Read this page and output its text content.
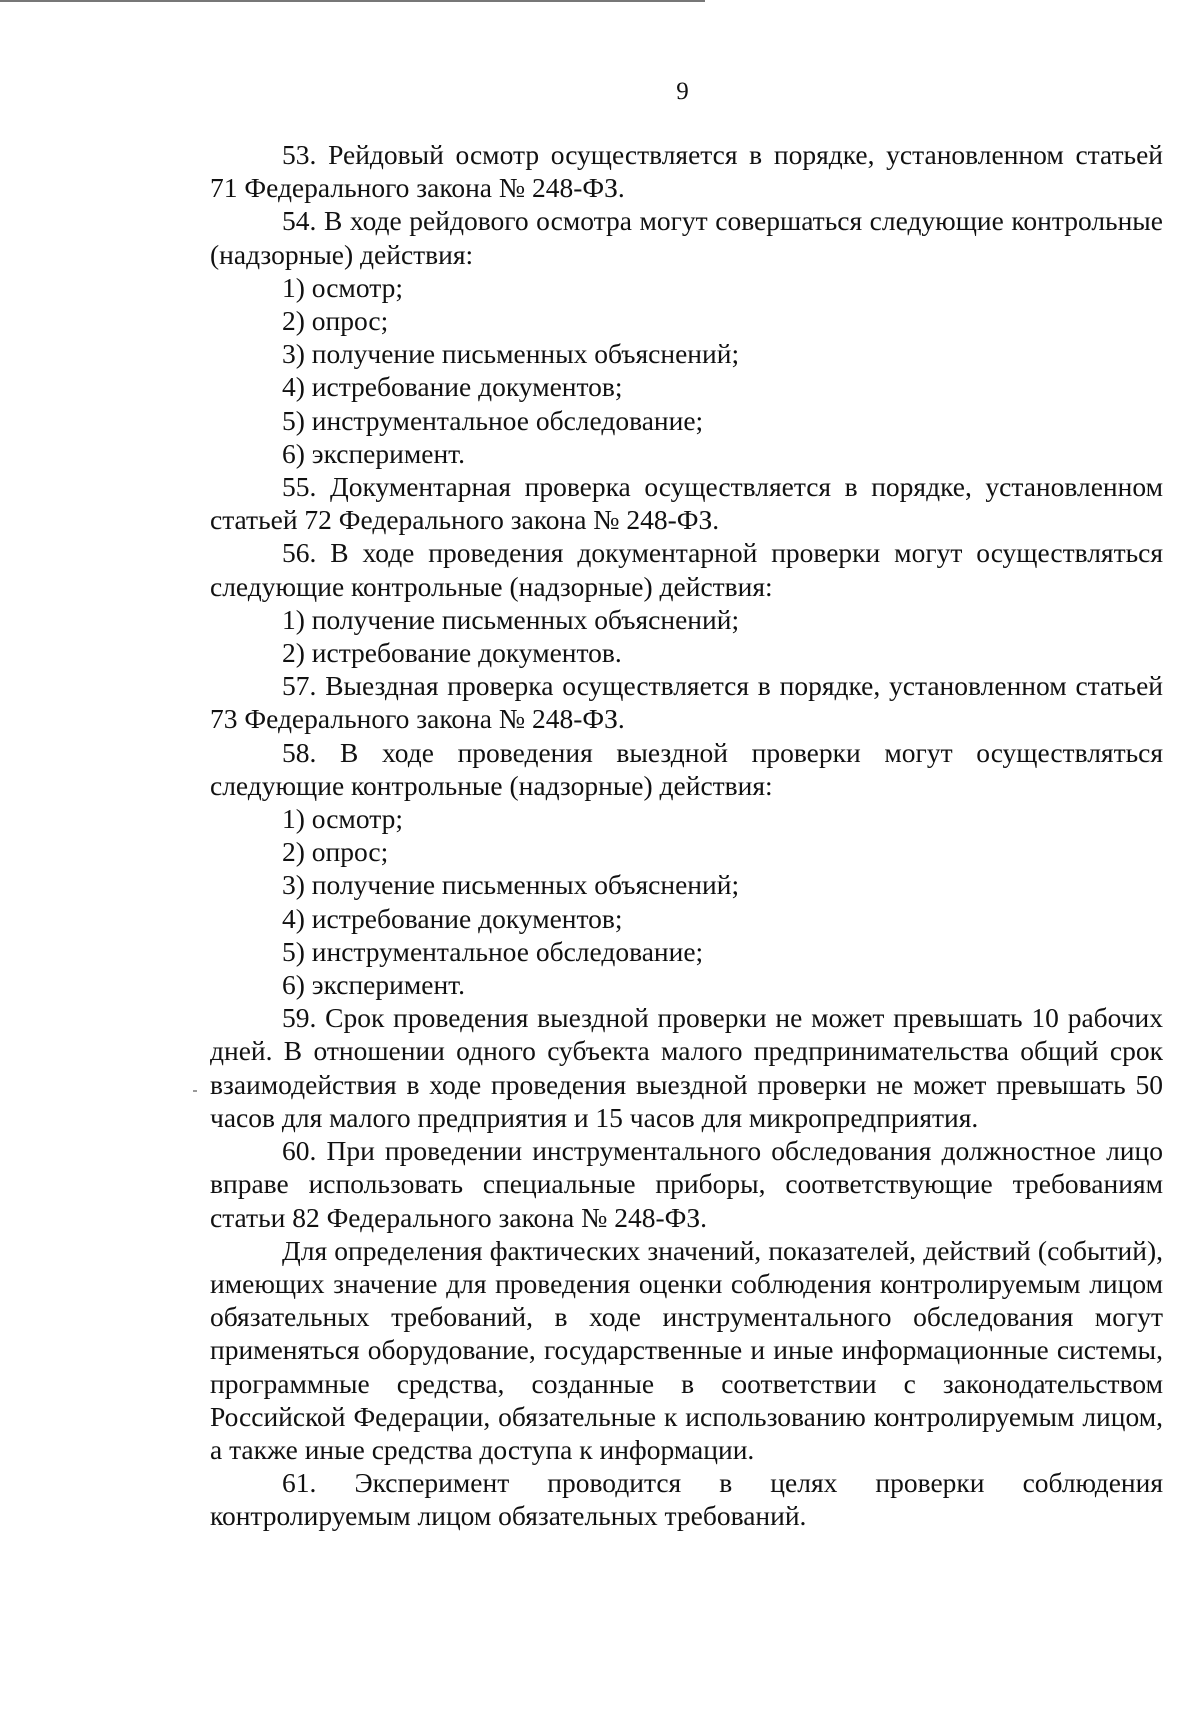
9

53. Рейдовый осмотр осуществляется в порядке, установленном статьей 71 Федерального закона № 248-ФЗ.

54. В ходе рейдового осмотра могут совершаться следующие контрольные (надзорные) действия:

1) осмотр;

2) опрос;

3) получение письменных объяснений;

4) истребование документов;

5) инструментальное обследование;

6) эксперимент.

55. Документарная проверка осуществляется в порядке, установленном статьей 72 Федерального закона № 248-ФЗ.

56. В ходе проведения документарной проверки могут осуществляться следующие контрольные (надзорные) действия:

1) получение письменных объяснений;

2) истребование документов.

57. Выездная проверка осуществляется в порядке, установленном статьей 73 Федерального закона № 248-ФЗ.

58. В ходе проведения выездной проверки могут осуществляться следующие контрольные (надзорные) действия:

1) осмотр;

2) опрос;

3) получение письменных объяснений;

4) истребование документов;

5) инструментальное обследование;

6) эксперимент.

59. Срок проведения выездной проверки не может превышать 10 рабочих дней. В отношении одного субъекта малого предпринимательства общий срок взаимодействия в ходе проведения выездной проверки не может превышать 50 часов для малого предприятия и 15 часов для микропредприятия.

60. При проведении инструментального обследования должностное лицо вправе использовать специальные приборы, соответствующие требованиям статьи 82 Федерального закона № 248-ФЗ.

Для определения фактических значений, показателей, действий (событий), имеющих значение для проведения оценки соблюдения контролируемым лицом обязательных требований, в ходе инструментального обследования могут применяться оборудование, государственные и иные информационные системы, программные средства, созданные в соответствии с законодательством Российской Федерации, обязательные к использованию контролируемым лицом, а также иные средства доступа к информации.

61. Эксперимент проводится в целях проверки соблюдения контролируемым лицом обязательных требований.
